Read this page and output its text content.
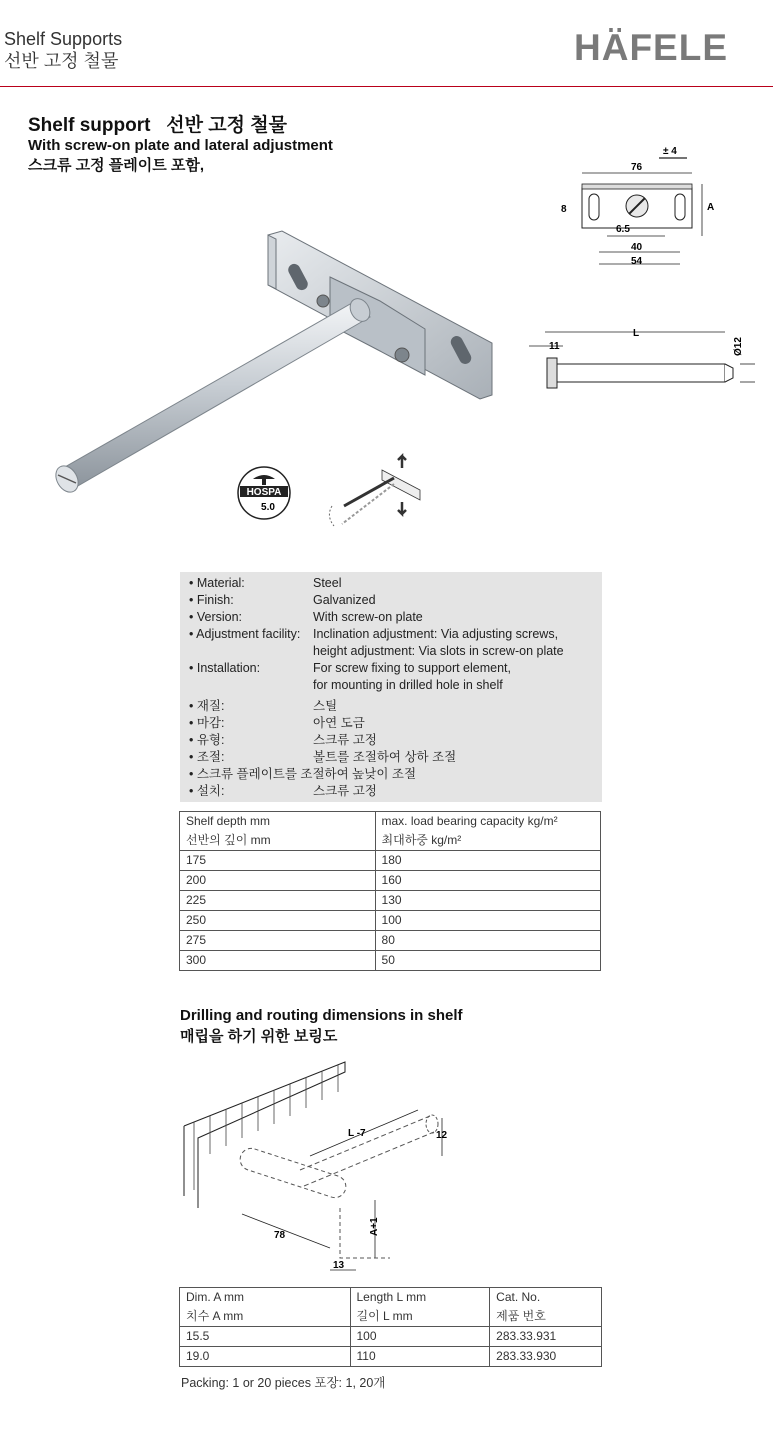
Shelf Supports
선반 고정 철물	HÄFELE
Shelf support 선반 고정 철물
With screw-on plate and lateral adjustment
스크류 고정 플레이트 포함,	76
± 4
8	A
6.5
40
54
L
11	Ø12
HOSPA
5.0
• Material:	Steel
• Finish:	Galvanized
• Version:	With screw-on plate
• Adjustment facility: Inclination adjustment: Via adjusting screws,
height adjustment: Via slots in screw-on plate
• Installation:	For screw fixing to support element,
for mounting in drilled hole in shelf
• 재질:	스틸
• 마감:	아연 도금
• 유형:	스크류 고정
• 조절:	볼트를 조절하여 상하 조절
• 스크류 플레이트를 조절하여 높낮이 조절
• 설치:	스크류 고정
Shelf depth mm	max. load bearing capacity kg/m²
선반의 깊이 mm	최대하중 kg/m²
175	180
200	160
225	130
250	100
275	80
300	50
Drilling and routing dimensions in shelf
매립을 하기 위한 보링도
L -7	12
78	A+1
13
Dim. A mm	Length L mm	Cat. No.
치수 A mm	길이 L mm	제품 번호
15.5	100	283.33.931
19.0	110	283.33.930
Packing: 1 or 20 pieces 포장: 1, 20개
